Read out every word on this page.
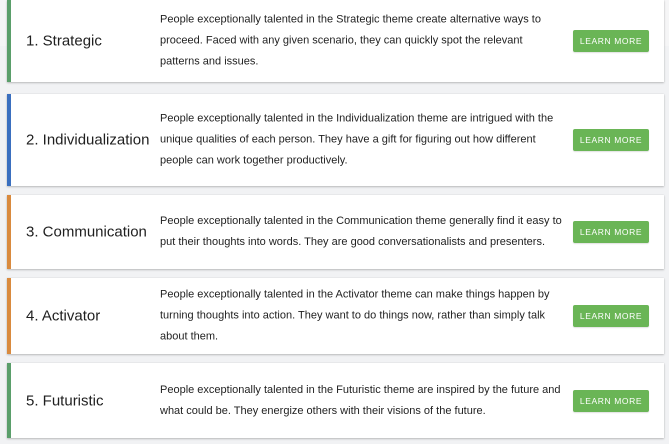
1. Strategic
People exceptionally talented in the Strategic theme create alternative ways to proceed. Faced with any given scenario, they can quickly spot the relevant patterns and issues.
LEARN MORE
2. Individualization
People exceptionally talented in the Individualization theme are intrigued with the unique qualities of each person. They have a gift for figuring out how different people can work together productively.
LEARN MORE
3. Communication
People exceptionally talented in the Communication theme generally find it easy to put their thoughts into words. They are good conversationalists and presenters.
LEARN MORE
4. Activator
People exceptionally talented in the Activator theme can make things happen by turning thoughts into action. They want to do things now, rather than simply talk about them.
LEARN MORE
5. Futuristic
People exceptionally talented in the Futuristic theme are inspired by the future and what could be. They energize others with their visions of the future.
LEARN MORE
